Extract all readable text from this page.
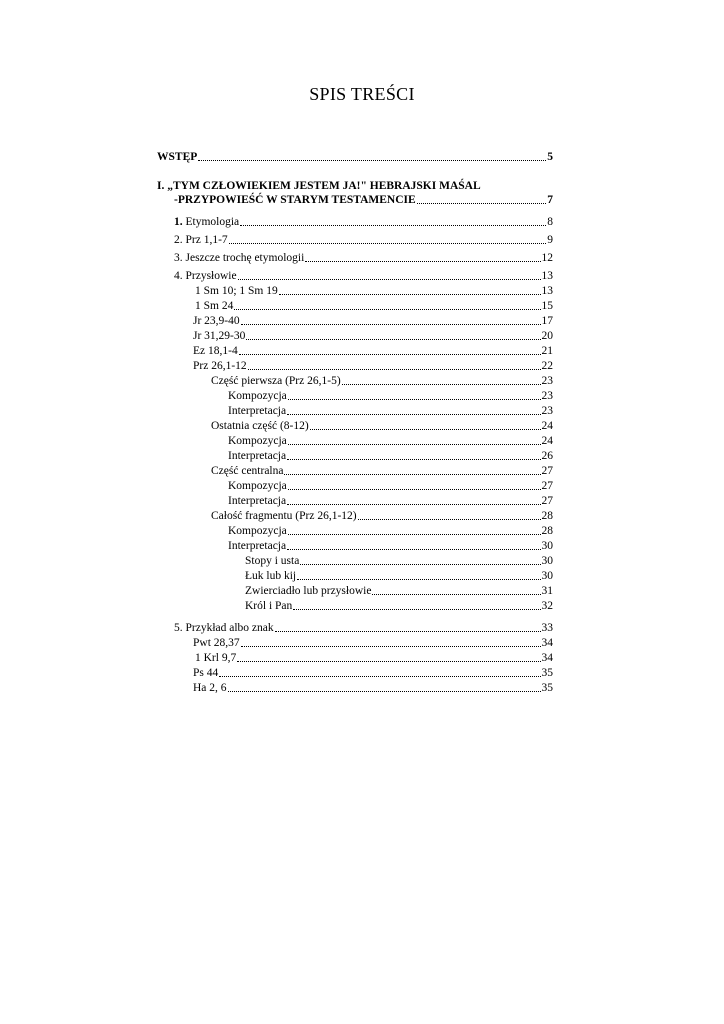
SPIS TREŚCI
WSTĘP	5
I. „TYM CZŁOWIEKIEM JESTEM JA!" HEBRAJSKI MAŚAL
-PRZYPOWIEŚĆ W STARYM TESTAMENCIE	7
1. Etymologia	8
2. Prz 1,1-7	9
3. Jeszcze trochę etymologii	12
4. Przysłowie	13
1 Sm 10; 1 Sm 19	13
1 Sm 24	15
Jr 23,9-40	17
Jr 31,29-30	20
Ez 18,1-4	21
Prz 26,1-12	22
Część pierwsza (Prz 26,1-5)	23
Kompozycja	23
Interpretacja	23
Ostatnia część (8-12)	24
Kompozycja	24
Interpretacja	26
Część centralna	27
Kompozycja	27
Interpretacja	27
Całość fragmentu (Prz 26,1-12)	28
Kompozycja	28
Interpretacja	30
Stopy i usta	30
Łuk lub kij	30
Zwierciadło lub przysłowie	31
Król i Pan	32
5. Przykład albo znak	33
Pwt 28,37	34
1 Krl 9,7	34
Ps 44	35
Ha 2, 6	35
